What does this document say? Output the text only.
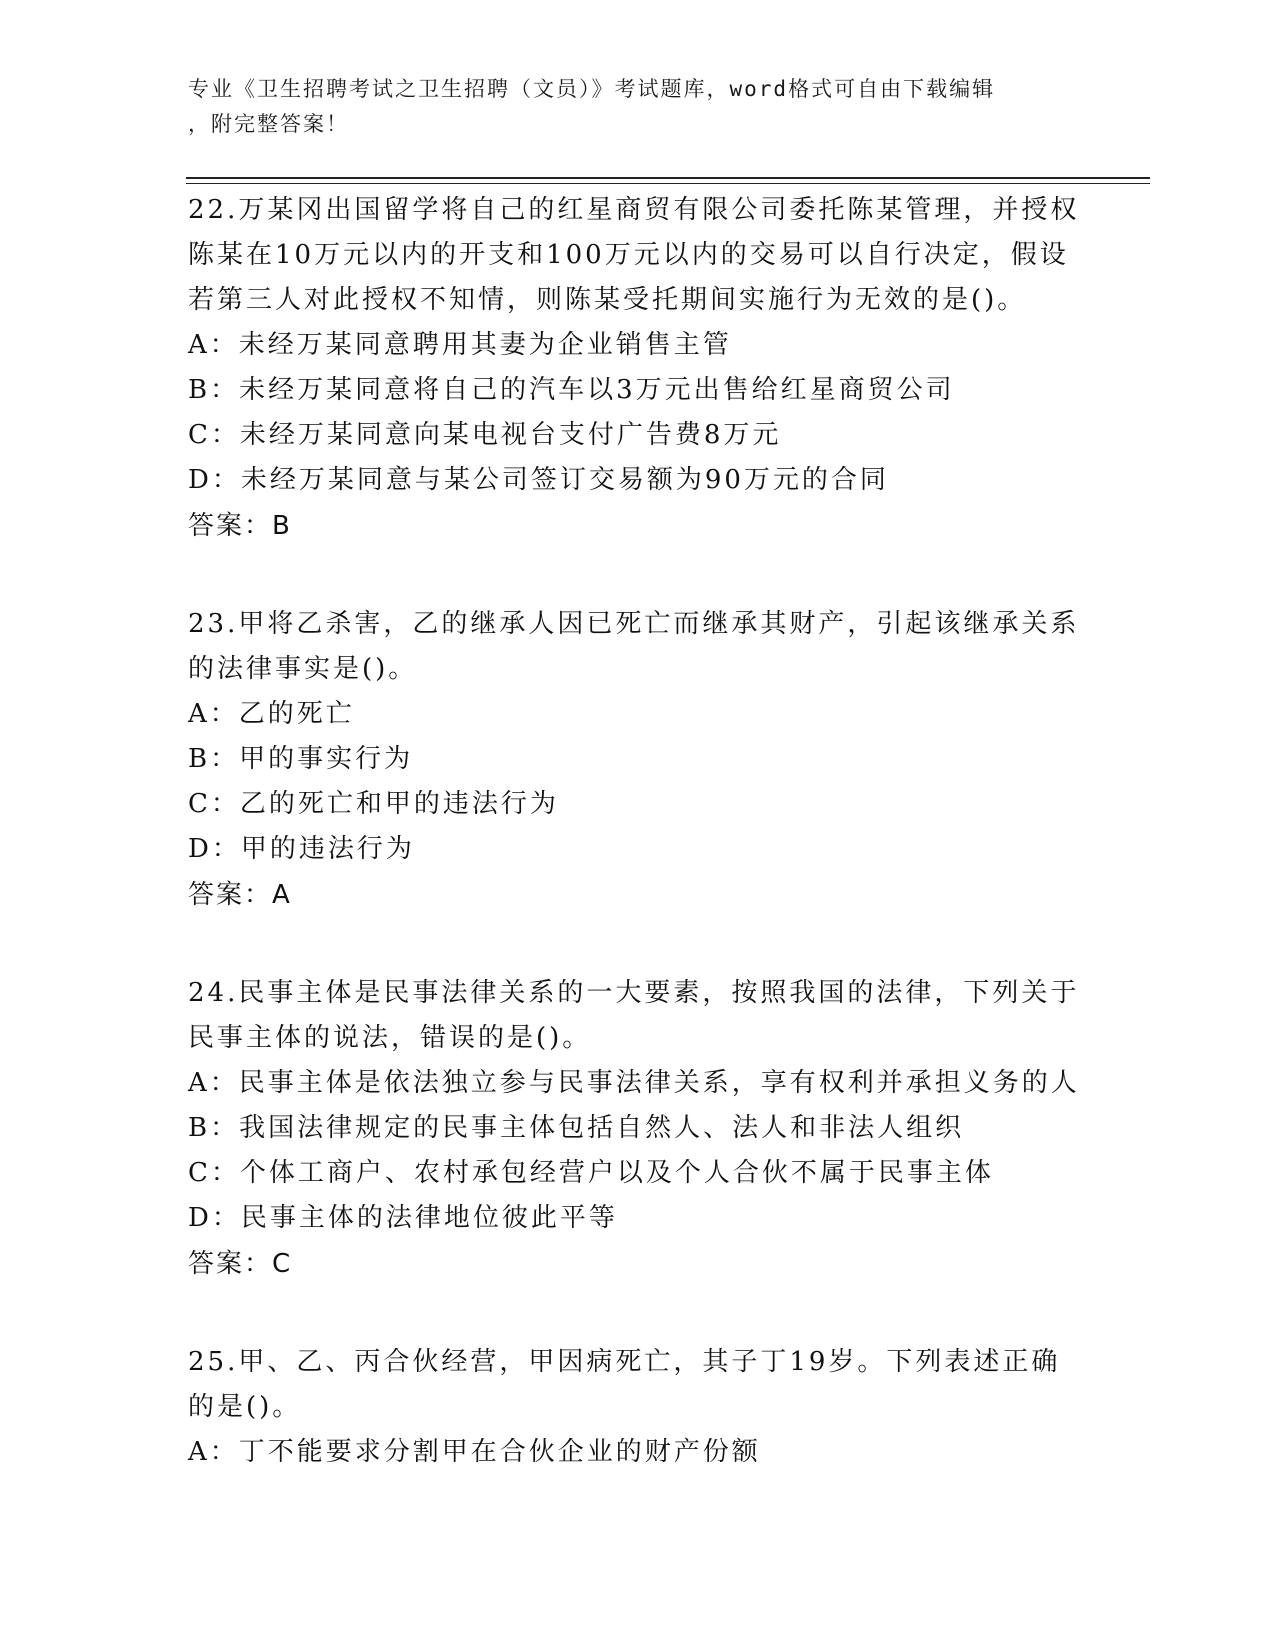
专业《卫生招聘考试之卫生招聘（文员）》考试题库，word格式可自由下载编辑
，附完整答案！

22.万某冈出国留学将自己的红星商贸有限公司委托陈某管理，并授权陈某在10万元以内的开支和100万元以内的交易可以自行决定，假设若第三人对此授权不知情，则陈某受托期间实施行为无效的是()。

A：未经万某同意聘用其妻为企业销售主管

B：未经万某同意将自己的汽车以3万元出售给红星商贸公司

C：未经万某同意向某电视台支付广告费8万元

D：未经万某同意与某公司签订交易额为90万元的合同

答案：B

23.甲将乙杀害，乙的继承人因已死亡而继承其财产，引起该继承关系的法律事实是()。

A：乙的死亡

B：甲的事实行为

C：乙的死亡和甲的违法行为

D：甲的违法行为

答案：A

24.民事主体是民事法律关系的一大要素，按照我国的法律，下列关于民事主体的说法，错误的是()。

A：民事主体是依法独立参与民事法律关系，享有权利并承担义务的人

B：我国法律规定的民事主体包括自然人、法人和非法人组织

C：个体工商户、农村承包经营户以及个人合伙不属于民事主体

D：民事主体的法律地位彼此平等

答案：C

25.甲、乙、丙合伙经营，甲因病死亡，其子丁19岁。下列表述正确的是()。

A：丁不能要求分割甲在合伙企业的财产份额
